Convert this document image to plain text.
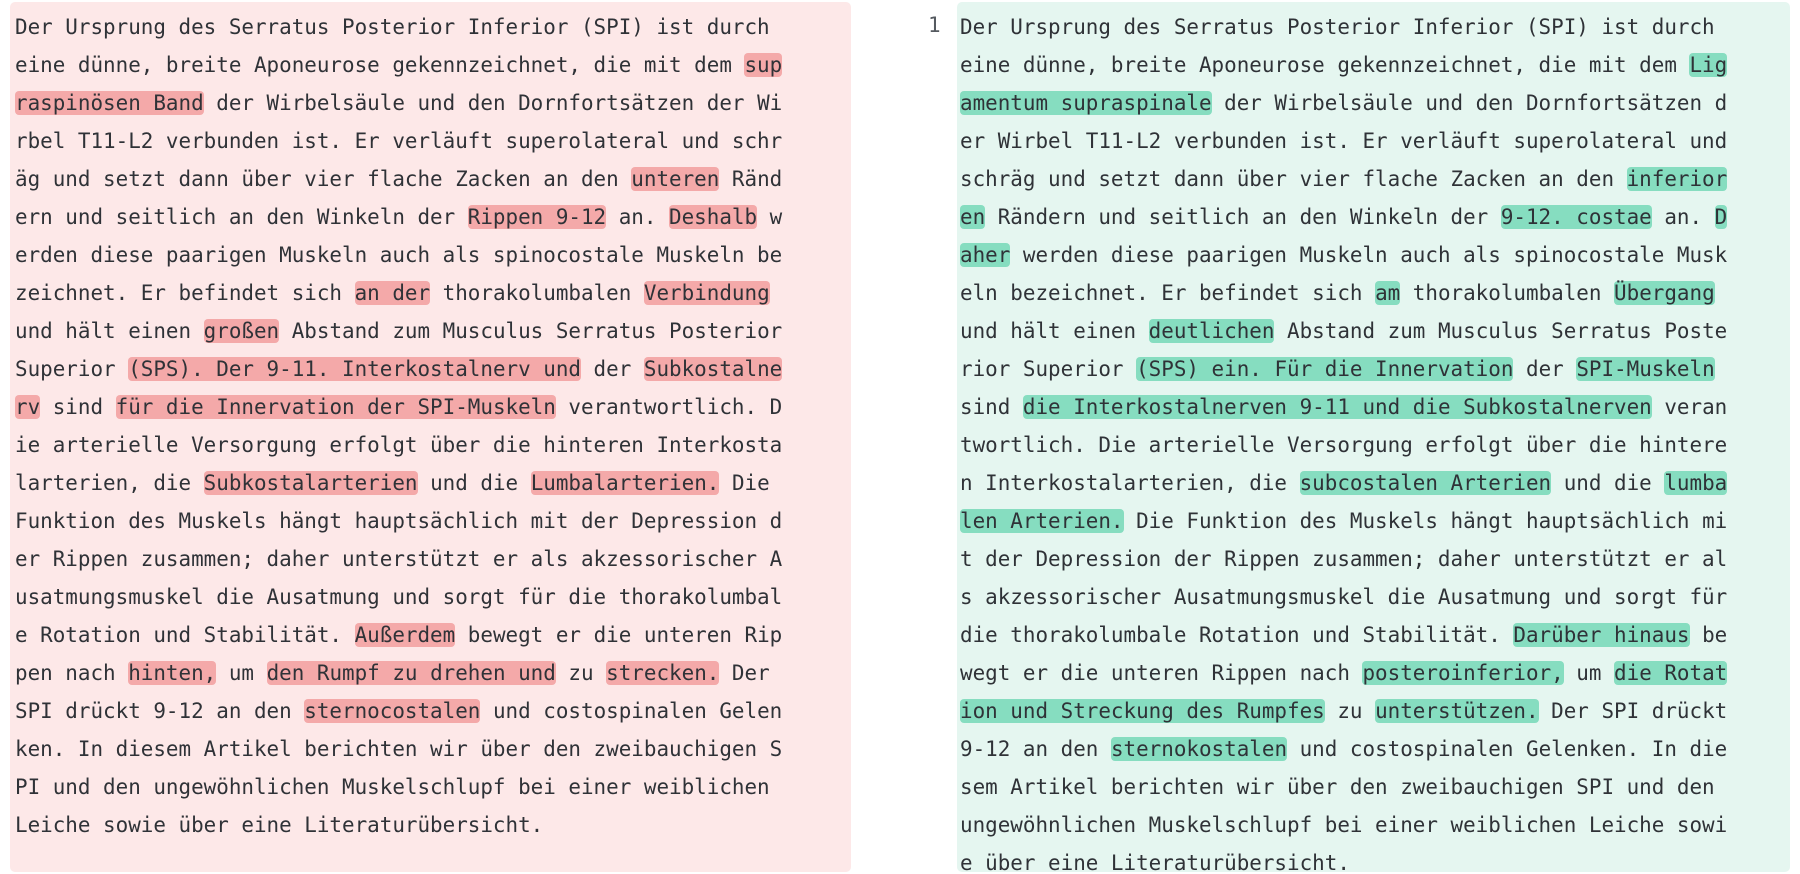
Der Ursprung des Serratus Posterior Inferior (SPI) ist durch
eine dünne, breite Aponeurose gekennzeichnet, die mit dem sup
raspinösen Band der Wirbelsäule und den Dornfortsätzen der Wi
rbel T11-L2 verbunden ist. Er verläuft superolateral und schr
äg und setzt dann über vier flache Zacken an den unteren Ränd
ern und seitlich an den Winkeln der Rippen 9-12 an. Deshalb w
erden diese paarigen Muskeln auch als spinocostale Muskeln be
zeichnet. Er befindet sich an der thorakolumbalen Verbindung
und hält einen großen Abstand zum Musculus Serratus Posterior
Superior (SPS). Der 9-11. Interkostalnerv und der Subkostalne
rv sind für die Innervation der SPI-Muskeln verantwortlich. D
ie arterielle Versorgung erfolgt über die hinteren Interkosta
larterien, die Subkostalarterien und die Lumbalarterien. Die
Funktion des Muskels hängt hauptsächlich mit der Depression d
er Rippen zusammen; daher unterstützt er als akzessorischer A
usatmungsmuskel die Ausatmung und sorgt für die thorakolumbal
e Rotation und Stabilität. Außerdem bewegt er die unteren Rip
pen nach hinten, um den Rumpf zu drehen und zu strecken. Der
SPI drückt 9-12 an den sternocostalen und costospinalen Gelen
ken. In diesem Artikel berichten wir über den zweibauchigen S
PI und den ungewöhnlichen Muskelschlupf bei einer weiblichen
Leiche sowie über eine Literaturübersicht.
1 Der Ursprung des Serratus Posterior Inferior (SPI) ist durch
eine dünne, breite Aponeurose gekennzeichnet, die mit dem Lig
amentum supraspinale der Wirbelsäule und den Dornfortsätzen d
er Wirbel T11-L2 verbunden ist. Er verläuft superolateral und
schräg und setzt dann über vier flache Zacken an den inferior
en Rändern und seitlich an den Winkeln der 9-12. costae an. D
aher werden diese paarigen Muskeln auch als spinocostale Musk
eln bezeichnet. Er befindet sich am thorakolumbalen Übergang
und hält einen deutlichen Abstand zum Musculus Serratus Poste
rior Superior (SPS) ein. Für die Innervation der SPI-Muskeln
sind die Interkostalnerven 9-11 und die Subkostalnerven veran
twortlich. Die arterielle Versorgung erfolgt über die hintere
n Interkostalarterien, die subcostalen Arterien und die lumba
len Arterien. Die Funktion des Muskels hängt hauptsächlich mi
t der Depression der Rippen zusammen; daher unterstützt er al
s akzessorischer Ausatmungsmuskel die Ausatmung und sorgt für
die thorakolumbale Rotation und Stabilität. Darüber hinaus be
wegt er die unteren Rippen nach posteroinferior, um die Rotat
ion und Streckung des Rumpfes zu unterstützen. Der SPI drückt
9-12 an den sternokostalen und costospinalen Gelenken. In die
sem Artikel berichten wir über den zweibauchigen SPI und den
ungewöhnlichen Muskelschlupf bei einer weiblichen Leiche sowi
e über eine Literaturübersicht.
